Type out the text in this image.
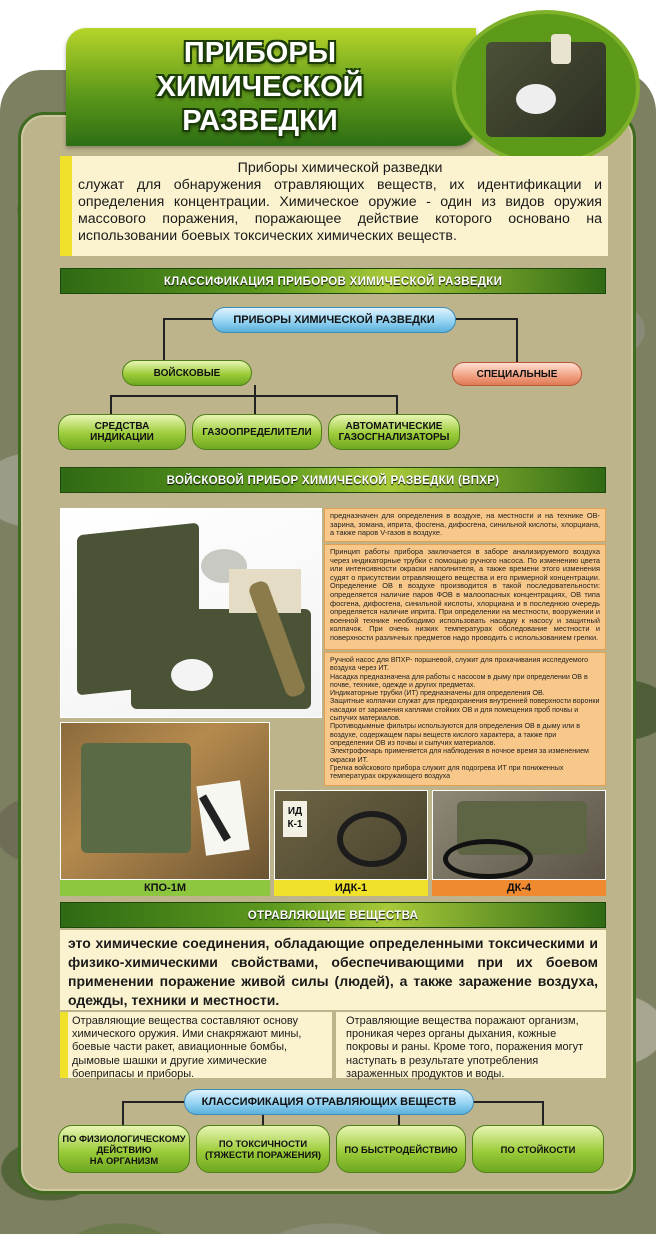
ПРИБОРЫ
ХИМИЧЕСКОЙ
РАЗВЕДКИ
Приборы химической разведки
служат для обнаружения отравляющих веществ, их идентификации и определения концентрации. Химическое оружие - один из видов оружия массового поражения, поражающее действие которого основано на использовании боевых токсических химических веществ.
КЛАССИФИКАЦИЯ ПРИБОРОВ ХИМИЧЕСКОЙ РАЗВЕДКИ
ПРИБОРЫ ХИМИЧЕСКОЙ РАЗВЕДКИ
ВОЙСКОВЫЕ	СПЕЦИАЛЬНЫЕ
СРЕДСТВА
ИНДИКАЦИИ	ГАЗООПРЕДЕЛИТЕЛИ	АВТОМАТИЧЕСКИЕ
ГАЗОСГНАЛИЗАТОРЫ
ВОЙСКОВОЙ ПРИБОР ХИМИЧЕСКОЙ РАЗВЕДКИ (ВПХР)
предназначен для определения в воздухе, на местности и на технике ОВ-зарина, зомана, иприта, фосгена, дифосгена, синильной кислоты, хлорциана, а также паров V-газов в воздухе.
Принцип работы прибора заключается в заборе анализируемого воздуха через индикаторные трубки с помощью ручного насоса. По изменению цвета или интенсивности окраски наполнителя, а также времени этого изменения судят о присутствии отравляющего вещества и его примерной концентрации. Определение ОВ в воздухе производится в такой последовательности: определяется наличие паров ФОВ в малоопасных концентрациях, ОВ типа фосгена, дифосгена, синильной кислоты, хлорциана и в последнюю очередь определяется наличие иприта. При определении на местности, вооружении и военной технике необходимо использовать насадку к насосу и защитный колпачок. При очень низких температурах обследование местности и поверхности различных предметов надо проводить с использованием грелки.
Ручной насос для ВПХР- поршневой, служит для прокачивания исследуемого воздуха через ИТ.
Насадка предназначена для работы с насосом в дыму при определении ОВ в почве, технике, одежде и других предметах.
Индикаторные трубки (ИТ) предназначены для определения ОВ.
Защитные колпачки служат для предохранения внутренней поверхности воронки насадки от заражения каплями стойких ОВ и для помещения проб почвы и сыпучих материалов.
Противодымные фильтры используются для определения ОВ в дыму или в воздухе, содержащем пары веществ кислого характера, а также при определении ОВ из почвы и сыпучих материалов.
Электрофонарь применяется для наблюдения в ночное время за изменением окраски ИТ.
Грелка войскового прибора служит для подогрева ИТ при пониженных температурах окружающего воздуха
ИД
К-1
КПО-1М	ИДК-1	ДК-4
ОТРАВЛЯЮЩИЕ ВЕЩЕСТВА
это химические соединения, обладающие определенными токсическими и физико-химическими свойствами, обеспечивающими при их боевом применении поражение живой силы (людей), а также заражение воздуха, одежды, техники и местности.
Отравляющие вещества составляют основу химического оружия. Ими снакряжают мины, боевые части ракет, авиационные бомбы, дымовые шашки и другие химические боеприпасы и приборы.
Отравляющие вещества поражают организм, проникая через органы дыхания, кожные покровы и раны. Кроме того, поражения могут наступать в результате употребления зараженных продуктов и воды.
КЛАССИФИКАЦИЯ ОТРАВЛЯЮЩИХ ВЕЩЕСТВ
ПО ФИЗИОЛОГИЧЕСКОМУ
ДЕЙСТВИЮ
НА ОРГАНИЗМ
ПО ТОКСИЧНОСТИ
(ТЯЖЕСТИ ПОРАЖЕНИЯ)	ПО БЫСТРОДЕЙСТВИЮ	ПО СТОЙКОСТИ
